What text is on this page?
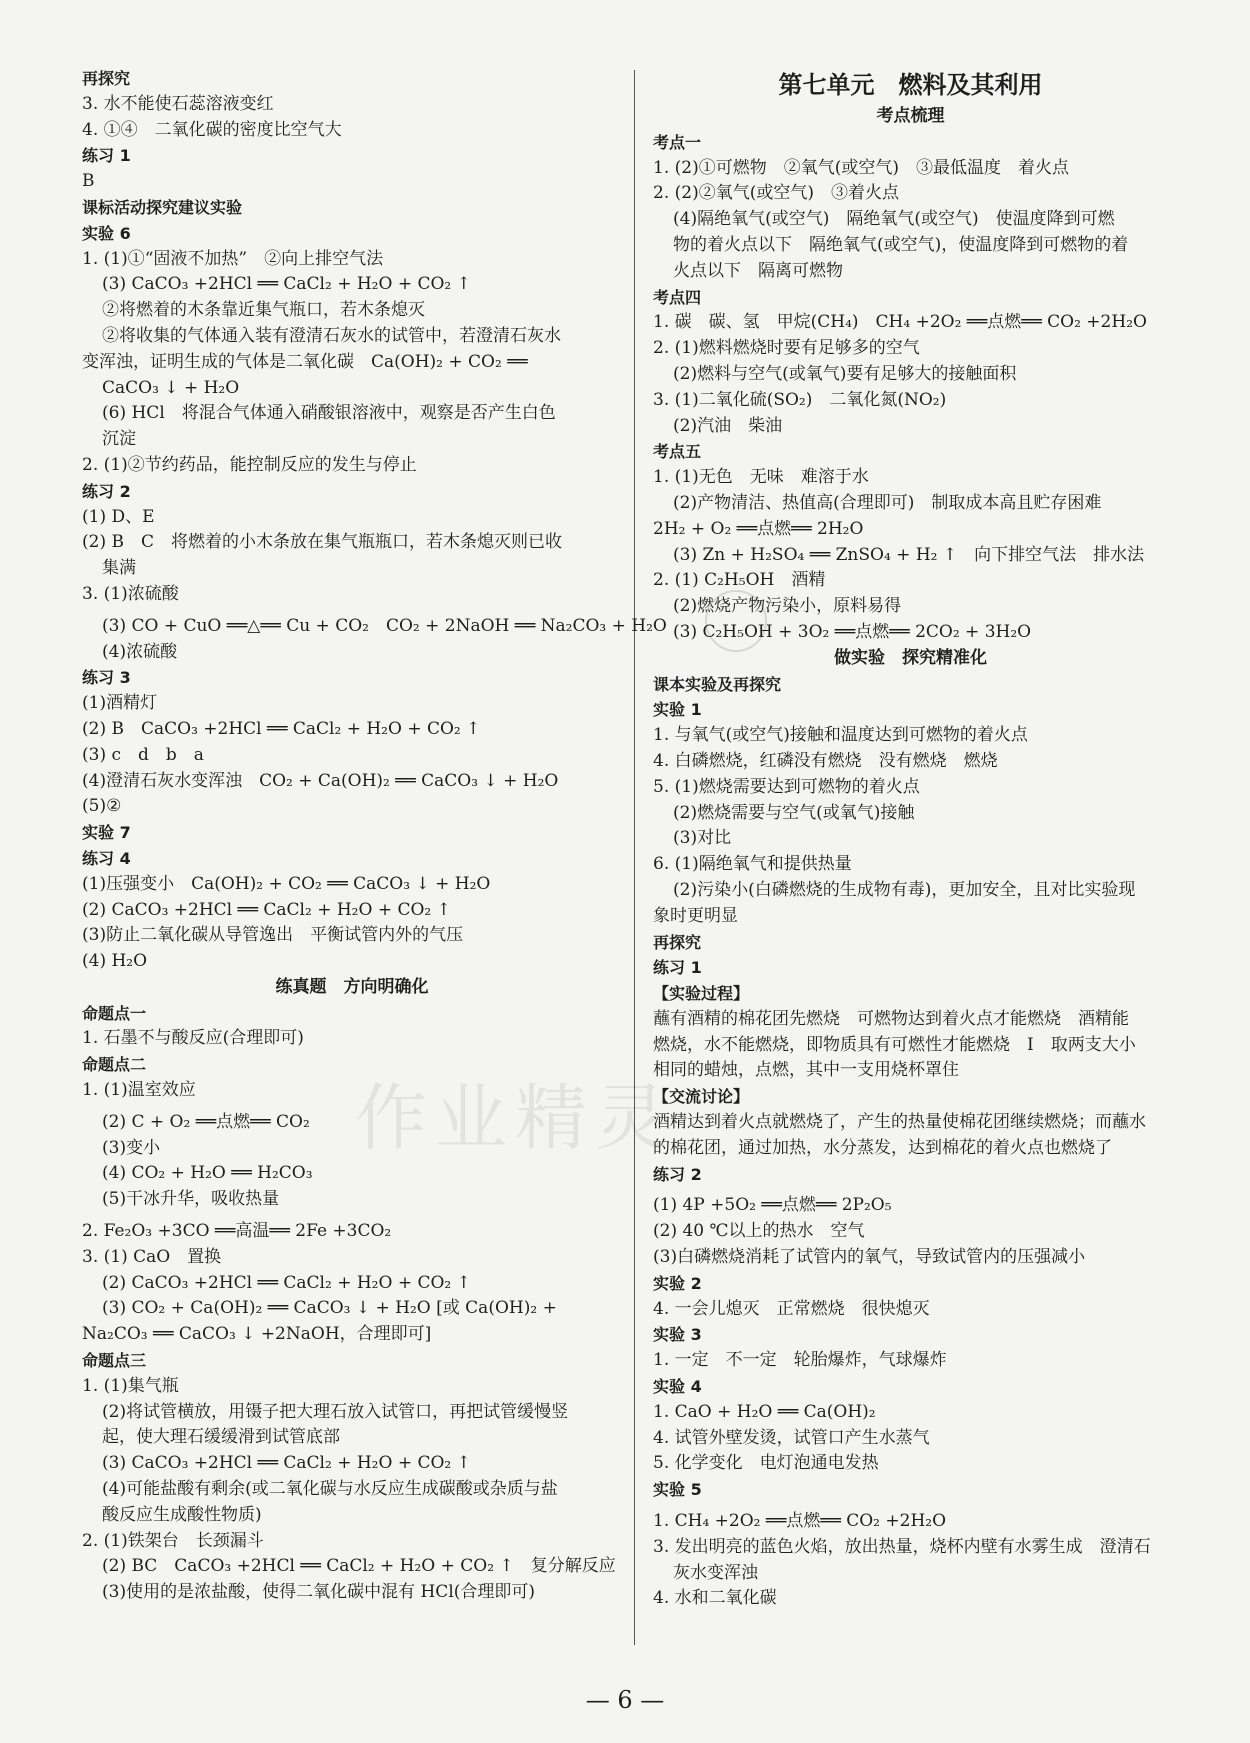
作业精灵
再探究
3. 水不能使石蕊溶液变红
4. ①④　二氧化碳的密度比空气大
练习 1
B
课标活动探究建议实验
实验 6
1. (1)①“固液不加热”　②向上排空气法
(3) CaCO₃ +2HCl ══ CaCl₂ + H₂O + CO₂ ↑
②将燃着的木条靠近集气瓶口，若木条熄灭
②将收集的气体通入装有澄清石灰水的试管中，若澄清石灰水
变浑浊，证明生成的气体是二氧化碳　Ca(OH)₂ + CO₂ ══
CaCO₃ ↓ + H₂O
(6) HCl　将混合气体通入硝酸银溶液中，观察是否产生白色
沉淀
2. (1)②节约药品，能控制反应的发生与停止
练习 2
(1) D、E
(2) B　C　将燃着的小木条放在集气瓶瓶口，若木条熄灭则已收
集满
3. (1)浓硫酸
(3) CO + CuO ══△══ Cu + CO₂　CO₂ + 2NaOH ══ Na₂CO₃ + H₂O
(4)浓硫酸
练习 3
(1)酒精灯
(2) B　CaCO₃ +2HCl ══ CaCl₂ + H₂O + CO₂ ↑
(3) c　d　b　a
(4)澄清石灰水变浑浊　CO₂ + Ca(OH)₂ ══ CaCO₃ ↓ + H₂O
(5)②
实验 7
练习 4
(1)压强变小　Ca(OH)₂ + CO₂ ══ CaCO₃ ↓ + H₂O
(2) CaCO₃ +2HCl ══ CaCl₂ + H₂O + CO₂ ↑
(3)防止二氧化碳从导管逸出　平衡试管内外的气压
(4) H₂O
练真题　方向明确化
命题点一
1. 石墨不与酸反应(合理即可)
命题点二
1. (1)温室效应
(2) C + O₂ ══点燃══ CO₂
(3)变小
(4) CO₂ + H₂O ══ H₂CO₃
(5)干冰升华，吸收热量
2. Fe₂O₃ +3CO ══高温══ 2Fe +3CO₂
3. (1) CaO　置换
(2) CaCO₃ +2HCl ══ CaCl₂ + H₂O + CO₂ ↑
(3) CO₂ + Ca(OH)₂ ══ CaCO₃ ↓ + H₂O [或 Ca(OH)₂ +
Na₂CO₃ ══ CaCO₃ ↓ +2NaOH，合理即可]
命题点三
1. (1)集气瓶
(2)将试管横放，用镊子把大理石放入试管口，再把试管缓慢竖
起，使大理石缓缓滑到试管底部
(3) CaCO₃ +2HCl ══ CaCl₂ + H₂O + CO₂ ↑
(4)可能盐酸有剩余(或二氧化碳与水反应生成碳酸或杂质与盐
酸反应生成酸性物质)
2. (1)铁架台　长颈漏斗
(2) BC　CaCO₃ +2HCl ══ CaCl₂ + H₂O + CO₂ ↑　复分解反应
(3)使用的是浓盐酸，使得二氧化碳中混有 HCl(合理即可)
第七单元　燃料及其利用
考点梳理
考点一
1. (2)①可燃物　②氧气(或空气)　③最低温度　着火点
2. (2)②氧气(或空气)　③着火点
(4)隔绝氧气(或空气)　隔绝氧气(或空气)　使温度降到可燃
物的着火点以下　隔绝氧气(或空气)，使温度降到可燃物的着
火点以下　隔离可燃物
考点四
1. 碳　碳、氢　甲烷(CH₄)　CH₄ +2O₂ ══点燃══ CO₂ +2H₂O
2. (1)燃料燃烧时要有足够多的空气
(2)燃料与空气(或氧气)要有足够大的接触面积
3. (1)二氧化硫(SO₂)　二氧化氮(NO₂)
(2)汽油　柴油
考点五
1. (1)无色　无味　难溶于水
(2)产物清洁、热值高(合理即可)　制取成本高且贮存困难
2H₂ + O₂ ══点燃══ 2H₂O
(3) Zn + H₂SO₄ ══ ZnSO₄ + H₂ ↑　向下排空气法　排水法
2. (1) C₂H₅OH　酒精
(2)燃烧产物污染小，原料易得
(3) C₂H₅OH + 3O₂ ══点燃══ 2CO₂ + 3H₂O
做实验　探究精准化
课本实验及再探究
实验 1
1. 与氧气(或空气)接触和温度达到可燃物的着火点
4. 白磷燃烧，红磷没有燃烧　没有燃烧　燃烧
5. (1)燃烧需要达到可燃物的着火点
(2)燃烧需要与空气(或氧气)接触
(3)对比
6. (1)隔绝氧气和提供热量
(2)污染小(白磷燃烧的生成物有毒)，更加安全，且对比实验现
象时更明显
再探究
练习 1
【实验过程】
蘸有酒精的棉花团先燃烧　可燃物达到着火点才能燃烧　酒精能
燃烧，水不能燃烧，即物质具有可燃性才能燃烧　Ⅰ　取两支大小
相同的蜡烛，点燃，其中一支用烧杯罩住
【交流讨论】
酒精达到着火点就燃烧了，产生的热量使棉花团继续燃烧；而蘸水
的棉花团，通过加热，水分蒸发，达到棉花的着火点也燃烧了
练习 2
(1) 4P +5O₂ ══点燃══ 2P₂O₅
(2) 40 ℃以上的热水　空气
(3)白磷燃烧消耗了试管内的氧气，导致试管内的压强减小
实验 2
4. 一会儿熄灭　正常燃烧　很快熄灭
实验 3
1. 一定　不一定　轮胎爆炸，气球爆炸
实验 4
1. CaO + H₂O ══ Ca(OH)₂
4. 试管外壁发烫，试管口产生水蒸气
5. 化学变化　电灯泡通电发热
实验 5
1. CH₄ +2O₂ ══点燃══ CO₂ +2H₂O
3. 发出明亮的蓝色火焰，放出热量，烧杯内壁有水雾生成　澄清石
灰水变浑浊
4. 水和二氧化碳
— 6 —
